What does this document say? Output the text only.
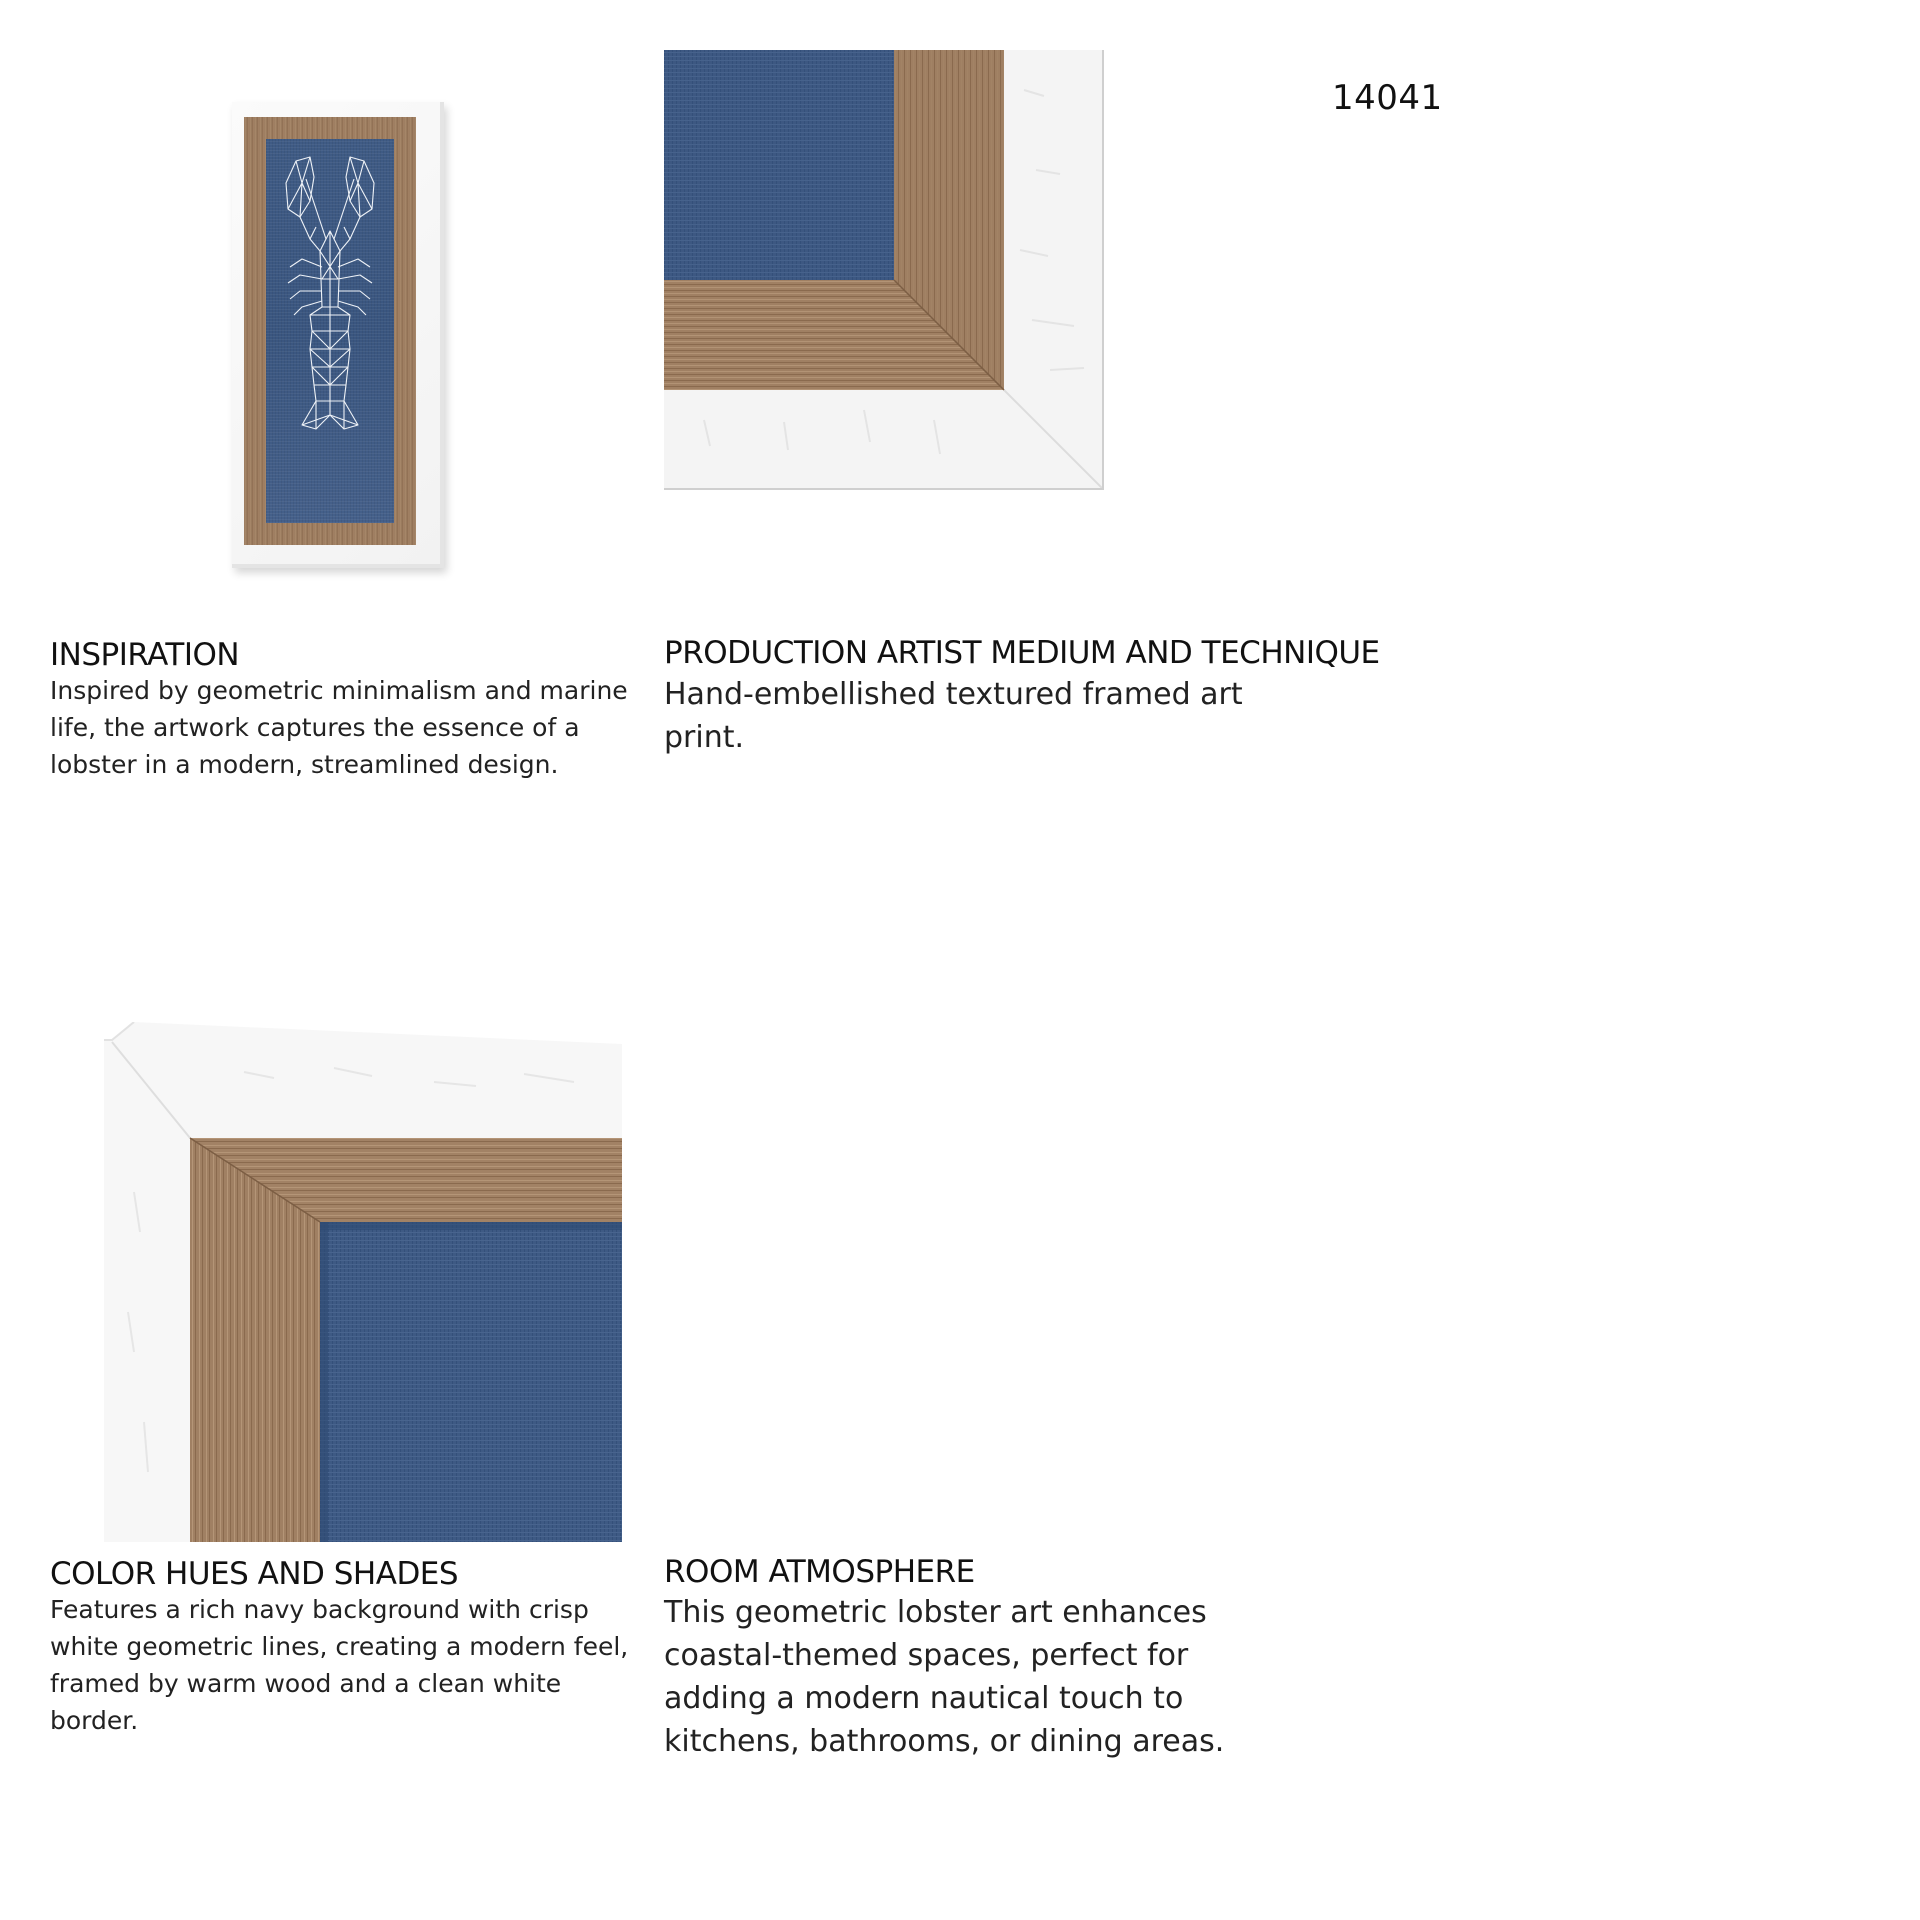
14041
INSPIRATION
Inspired by geometric minimalism and marine
life, the artwork captures the essence of a
lobster in a modern, streamlined design.
PRODUCTION ARTIST MEDIUM AND TECHNIQUE
Hand-embellished textured framed art
print.
COLOR HUES AND SHADES
Features a rich navy background with crisp
white geometric lines, creating a modern feel,
framed by warm wood and a clean white
border.
ROOM ATMOSPHERE
This geometric lobster art enhances
coastal-themed spaces, perfect for
adding a modern nautical touch to
kitchens, bathrooms, or dining areas.
